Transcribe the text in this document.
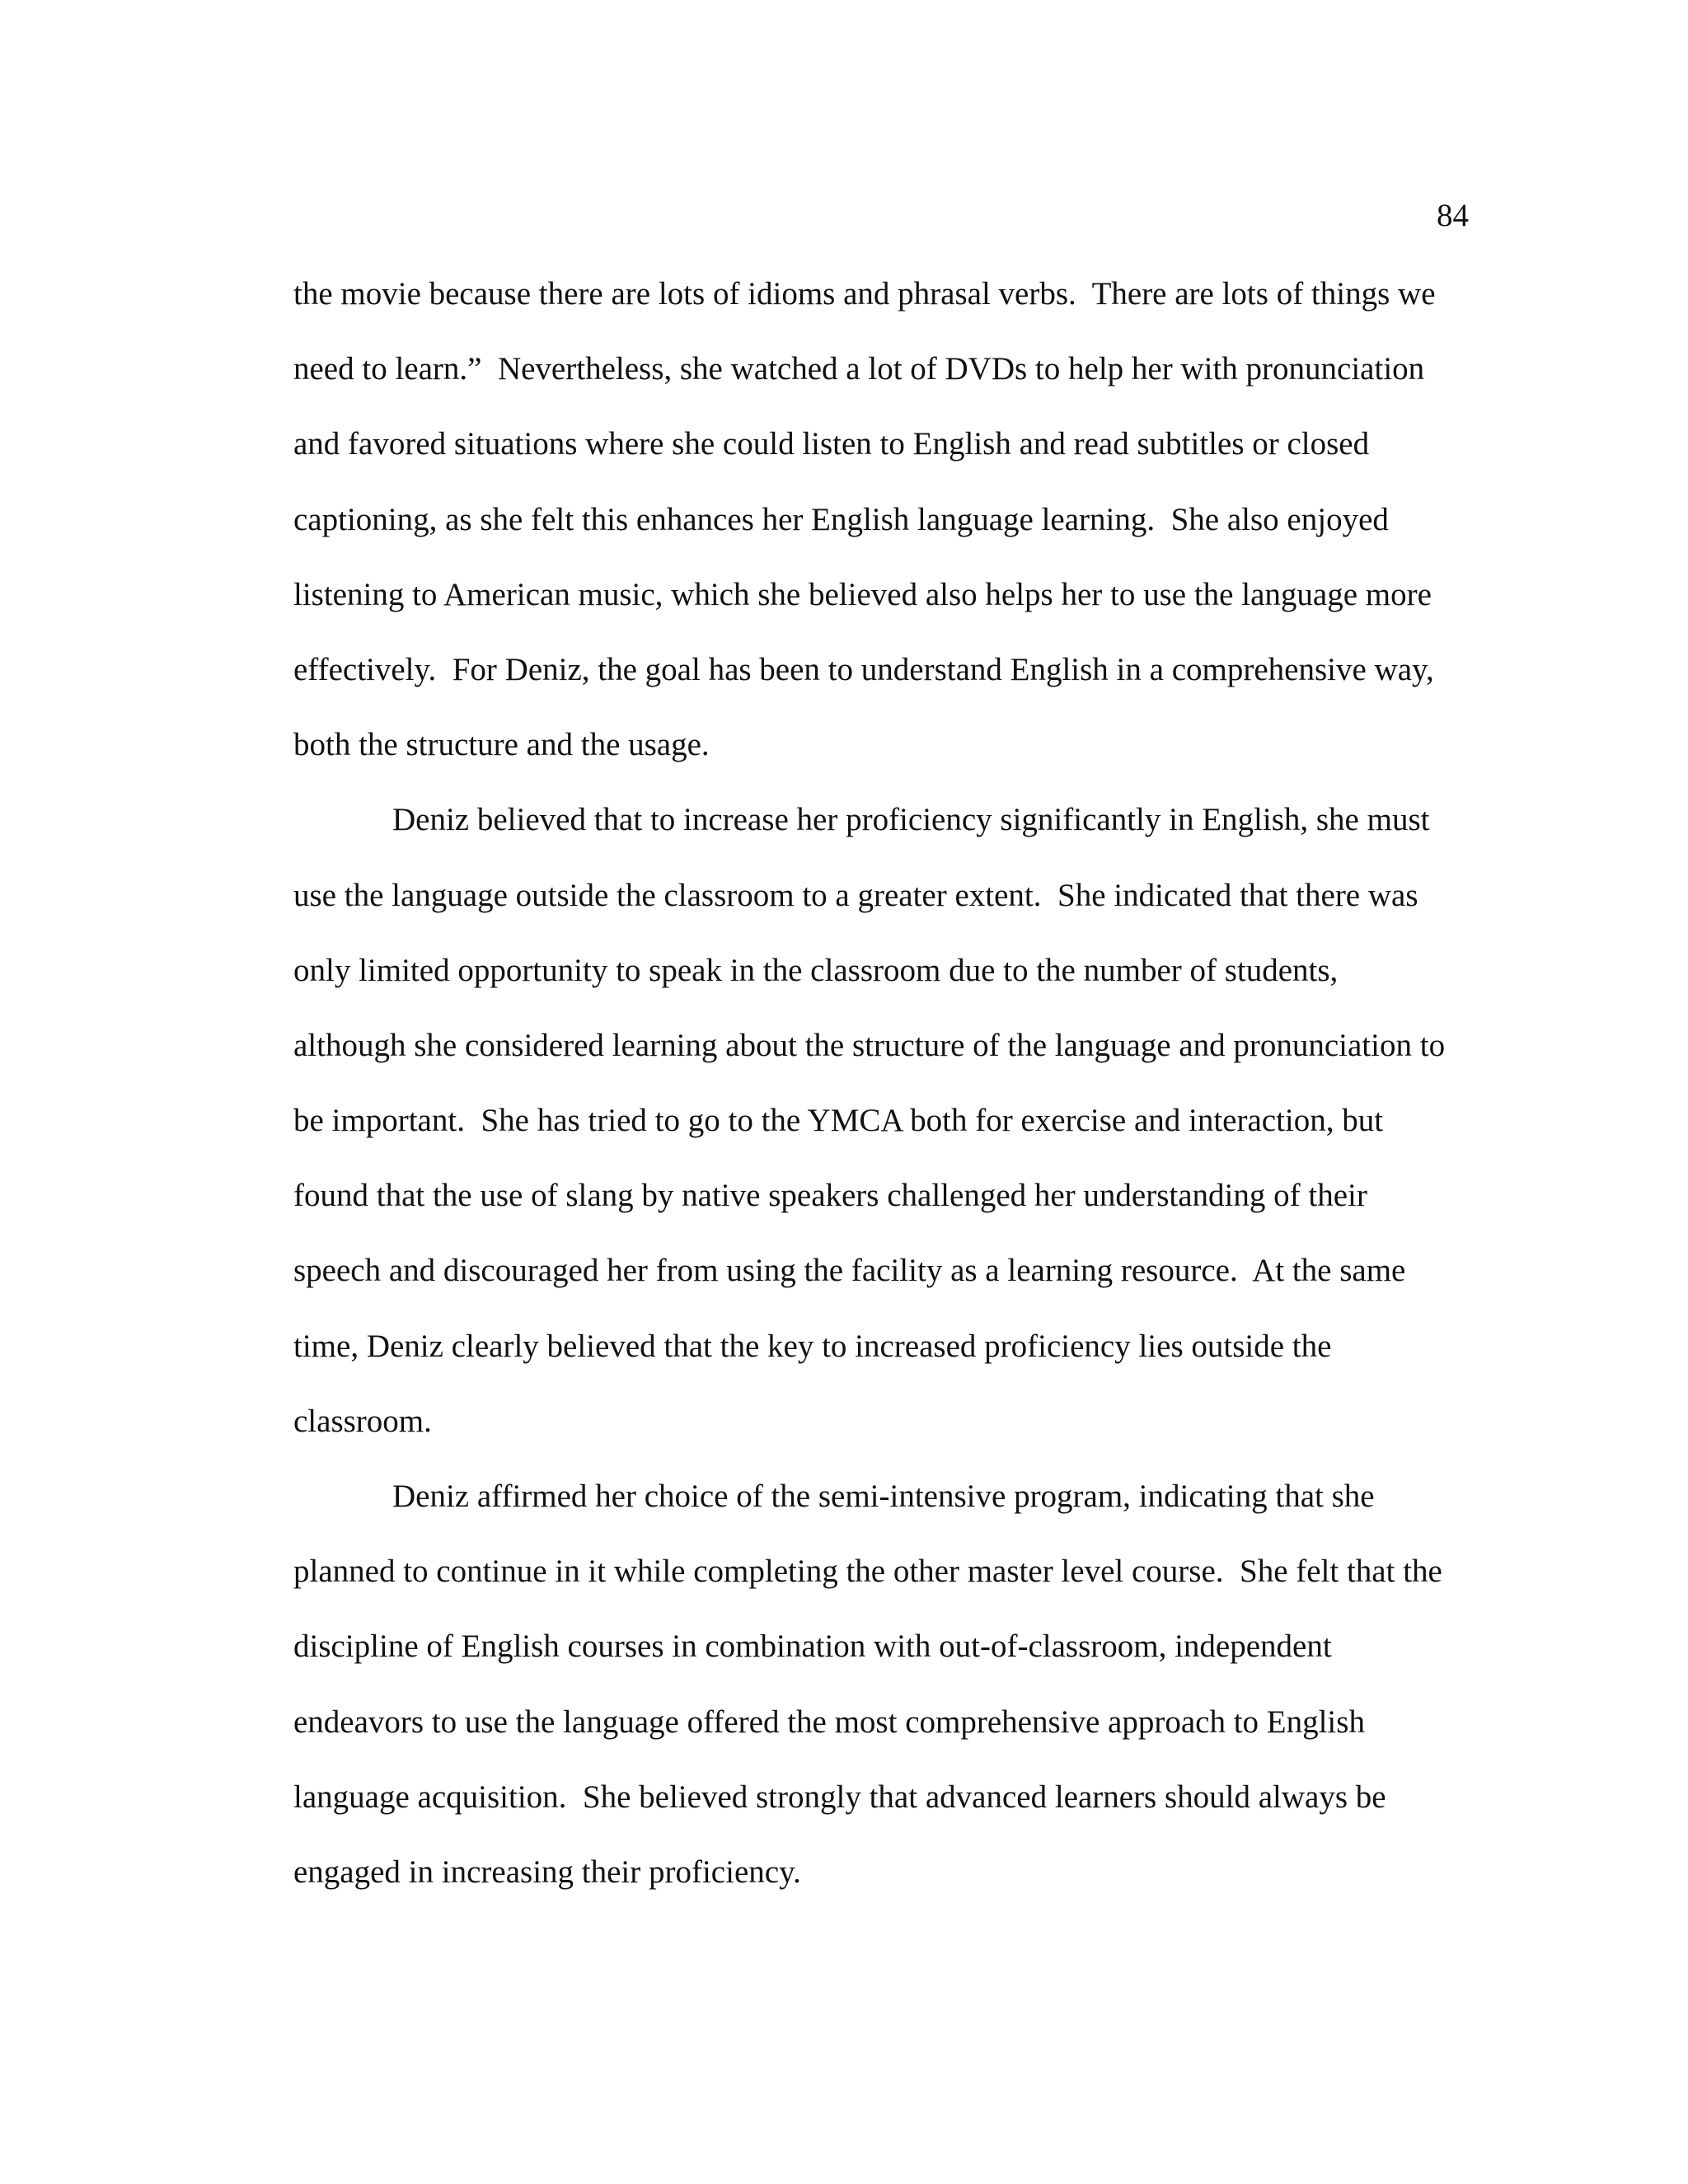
84
the movie because there are lots of idioms and phrasal verbs.  There are lots of things we
need to learn.”  Nevertheless, she watched a lot of DVDs to help her with pronunciation
and favored situations where she could listen to English and read subtitles or closed
captioning, as she felt this enhances her English language learning.  She also enjoyed
listening to American music, which she believed also helps her to use the language more
effectively.  For Deniz, the goal has been to understand English in a comprehensive way,
both the structure and the usage.
Deniz believed that to increase her proficiency significantly in English, she must
use the language outside the classroom to a greater extent.  She indicated that there was
only limited opportunity to speak in the classroom due to the number of students,
although she considered learning about the structure of the language and pronunciation to
be important.  She has tried to go to the YMCA both for exercise and interaction, but
found that the use of slang by native speakers challenged her understanding of their
speech and discouraged her from using the facility as a learning resource.  At the same
time, Deniz clearly believed that the key to increased proficiency lies outside the
classroom.
Deniz affirmed her choice of the semi-intensive program, indicating that she
planned to continue in it while completing the other master level course.  She felt that the
discipline of English courses in combination with out-of-classroom, independent
endeavors to use the language offered the most comprehensive approach to English
language acquisition.  She believed strongly that advanced learners should always be
engaged in increasing their proficiency.
